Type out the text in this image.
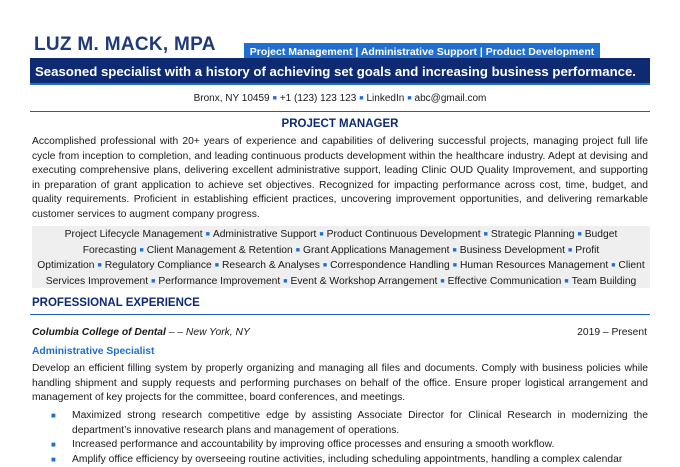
LUZ M. MACK, MPA	Project Management | Administrative Support | Product Development
Seasoned specialist with a history of achieving set goals and increasing business performance.
Bronx, NY 10459 ■ +1 (123) 123 123 ■ LinkedIn ■ abc@gmail.com
PROJECT MANAGER

Accomplished professional with 20+ years of experience and capabilities of delivering successful projects, managing project full life cycle from inception to completion, and leading continuous products development within the healthcare industry. Adept at devising and executing comprehensive plans, delivering excellent administrative support, leading Clinic OUD Quality Improvement, and supporting in preparation of grant application to achieve set objectives. Recognized for impacting performance across cost, time, budget, and quality requirements. Proficient in establishing efficient practices, uncovering improvement opportunities, and delivering remarkable customer services to augment company progress.

Project Lifecycle Management ■ Administrative Support ■ Product Continuous Development ■ Strategic Planning ■ Budget Forecasting ■ Client Management & Retention ■ Grant Applications Management ■ Business Development ■ Profit Optimization ■ Regulatory Compliance ■ Research & Analyses ■ Correspondence Handling ■ Human Resources Management ■ Client Services Improvement ■ Performance Improvement ■ Event & Workshop Arrangement ■ Effective Communication ■ Team Building
PROFESSIONAL EXPERIENCE
Columbia College of Dental – – New York, NY	2019 – Present
Administrative Specialist

Develop an efficient filling system by properly organizing and managing all files and documents. Comply with business policies while handling shipment and supply requests and performing purchases on behalf of the office. Ensure proper logistical arrangement and management of key projects for the committee, board conferences, and meetings.

■ Maximized strong research competitive edge by assisting Associate Director for Clinical Research in modernizing the department’s innovative research plans and management of operations.
■ Increased performance and accountability by improving office processes and ensuring a smooth workflow.
■ Amplify office efficiency by overseeing routine activities, including scheduling appointments, handling a complex calendar
